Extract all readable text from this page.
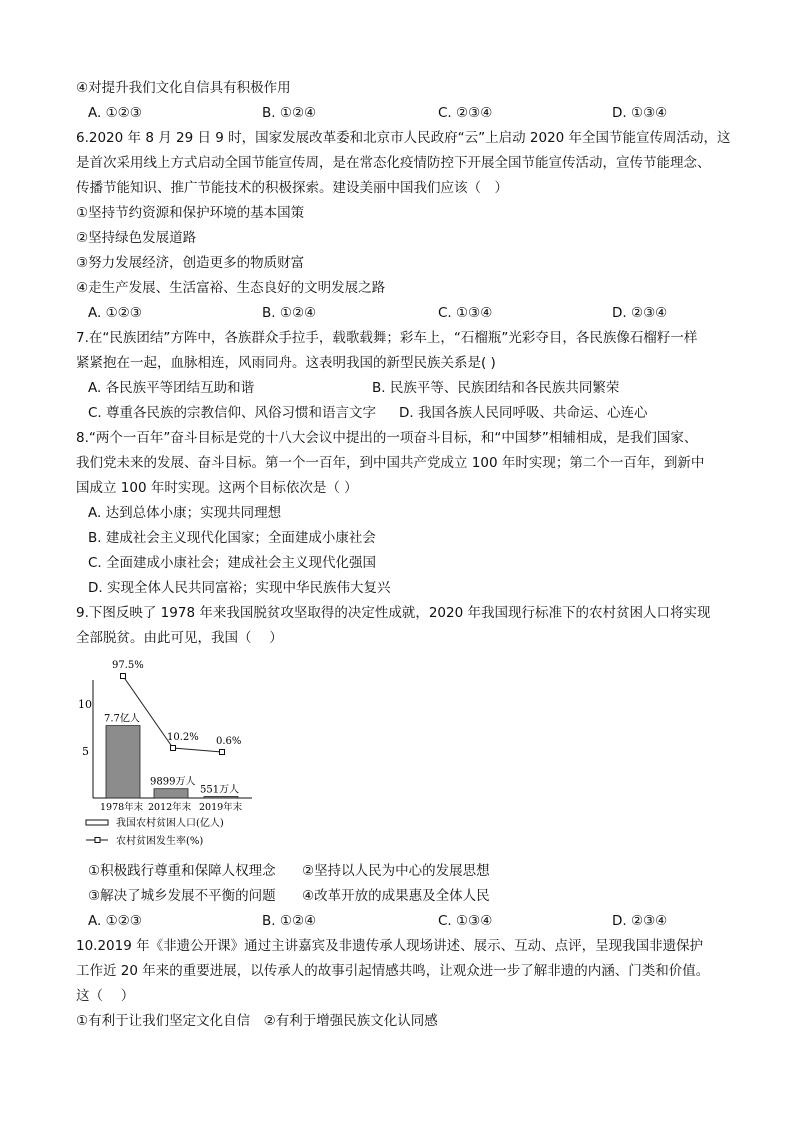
④对提升我们文化自信具有积极作用
A. ①②③	B. ①②④	C. ②③④	D. ①③④
6.2020 年 8 月 29 日 9 时，国家发展改革委和北京市人民政府“云”上启动 2020 年全国节能宣传周活动，这
是首次采用线上方式启动全国节能宣传周，是在常态化疫情防控下开展全国节能宣传活动，宣传节能理念、
传播节能知识、推广节能技术的积极探索。建设美丽中国我们应该（　）
①坚持节约资源和保护环境的基本国策
②坚持绿色发展道路
③努力发展经济，创造更多的物质财富
④走生产发展、生活富裕、生态良好的文明发展之路
A. ①②③	B. ①②④	C. ①③④	D. ②③④
7.在“民族团结”方阵中，各族群众手拉手，载歌载舞；彩车上，“石榴瓶”光彩夺目，各民族像石榴籽一样
紧紧抱在一起，血脉相连，风雨同舟。这表明我国的新型民族关系是( )
A. 各民族平等团结互助和谐	B. 民族平等、民族团结和各民族共同繁荣
C. 尊重各民族的宗教信仰、风俗习惯和语言文字 D. 我国各族人民同呼吸、共命运、心连心
8.“两个一百年”奋斗目标是党的十八大会议中提出的一项奋斗目标，和“中国梦”相辅相成，是我们国家、
我们党未来的发展、奋斗目标。第一个一百年，到中国共产党成立 100 年时实现；第二个一百年，到新中
国成立 100 年时实现。这两个目标依次是（ ）
A. 达到总体小康；实现共同理想
B. 建成社会主义现代化国家；全面建成小康社会
C. 全面建成小康社会；建成社会主义现代化强国
D. 实现全体人民共同富裕；实现中华民族伟大复兴
9.下图反映了 1978 年来我国脱贫攻坚取得的决定性成就，2020 年我国现行标准下的农村贫困人口将实现
全部脱贫。由此可见，我国（　 ）
10
5
7.7亿人
9899万人
551万人
97.5%
10.2% 0.6%
1978年末 2012年末 2019年末
我国农村贫困人口(亿人)
农村贫困发生率(%)
①积极践行尊重和保障人权理念 ②坚持以人民为中心的发展思想
③解决了城乡发展不平衡的问题 ④改革开放的成果惠及全体人民
A. ①②③	B. ①②④	C. ①③④	D. ②③④
10.2019 年《非遗公开课》通过主讲嘉宾及非遗传承人现场讲述、展示、互动、点评，呈现我国非遗保护
工作近 20 年来的重要进展，以传承人的故事引起情感共鸣，让观众进一步了解非遗的内涵、门类和价值。
这（　 ）
①有利于让我们坚定文化自信　②有利于增强民族文化认同感
